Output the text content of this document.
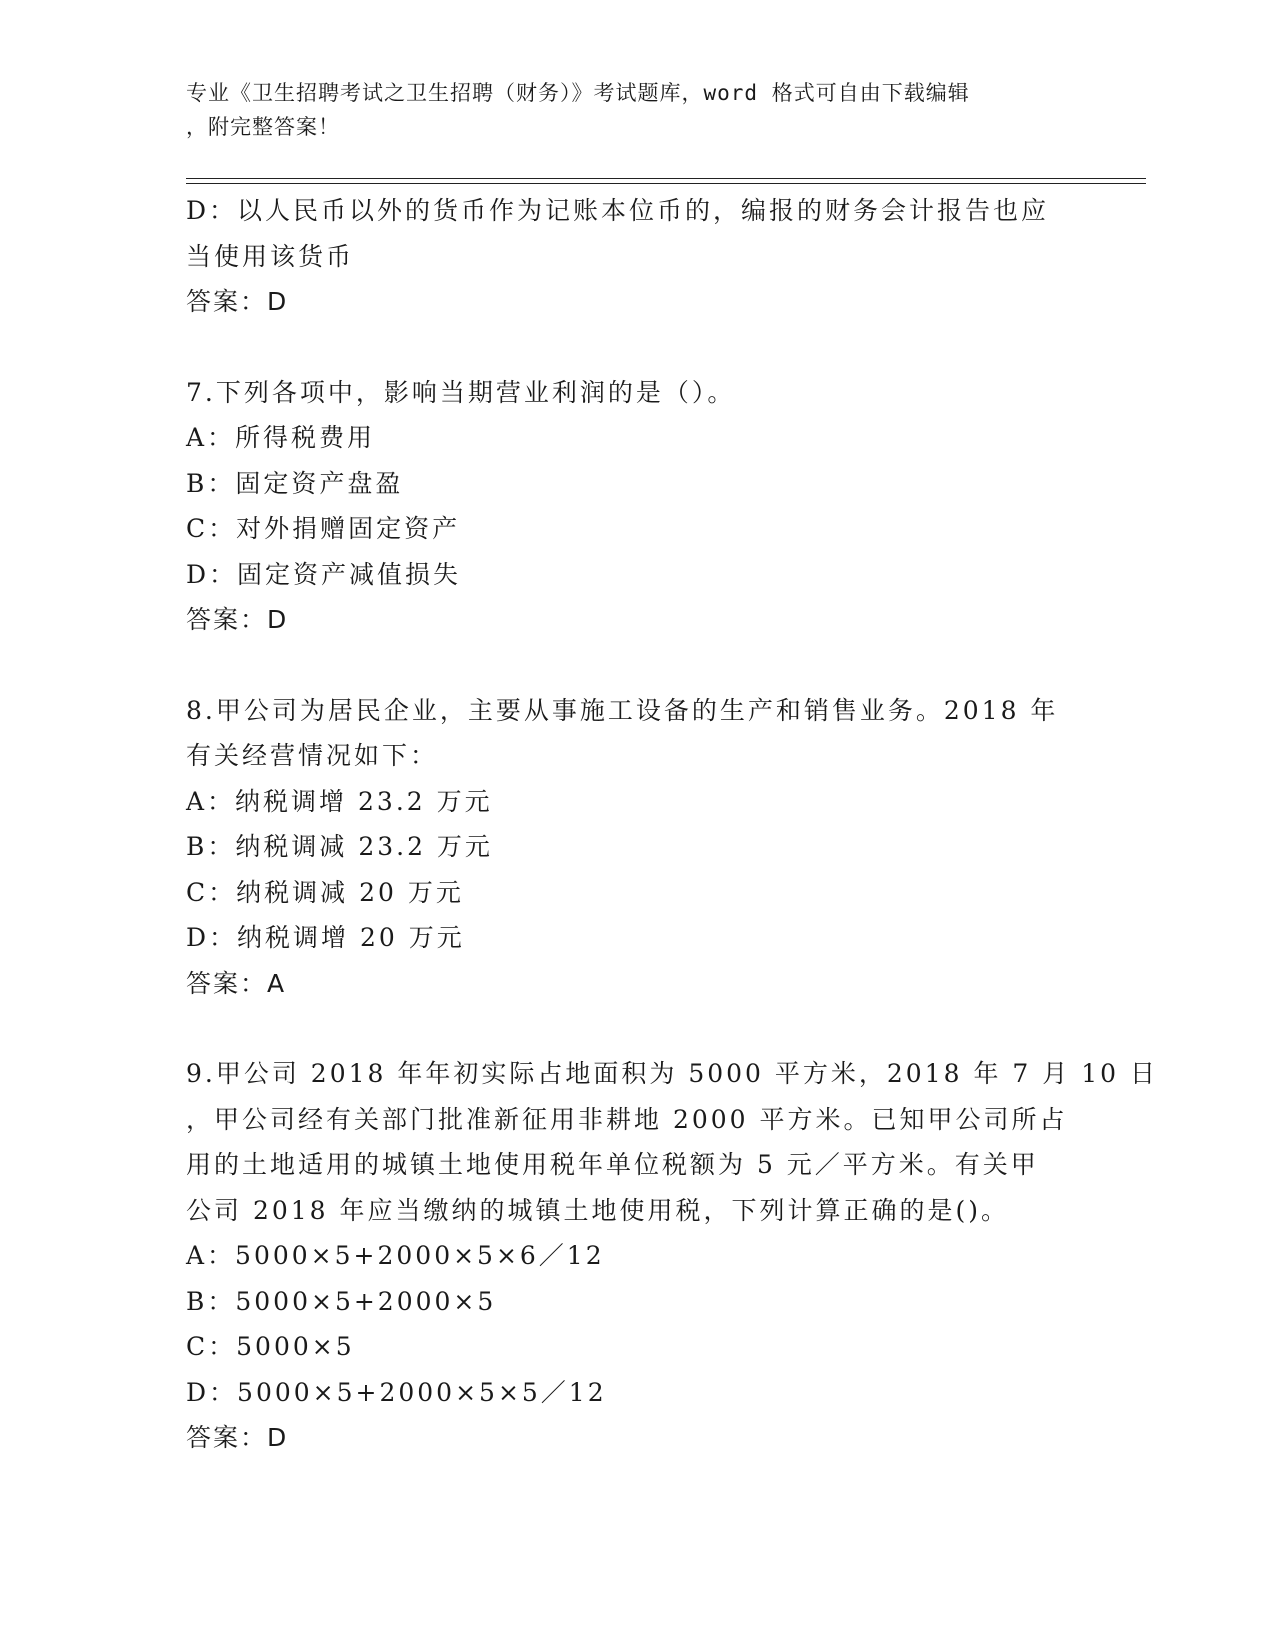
专业《卫生招聘考试之卫生招聘（财务）》考试题库，word 格式可自由下载编辑
，附完整答案！
D：以人民币以外的货币作为记账本位币的，编报的财务会计报告也应
当使用该货币
答案：D
7.下列各项中，影响当期营业利润的是（）。
A：所得税费用
B：固定资产盘盈
C：对外捐赠固定资产
D：固定资产减值损失
答案：D
8.甲公司为居民企业，主要从事施工设备的生产和销售业务。2018 年
有关经营情况如下：
A：纳税调增 23.2 万元
B：纳税调减 23.2 万元
C：纳税调减 20 万元
D：纳税调增 20 万元
答案：A
9.甲公司 2018 年年初实际占地面积为 5000 平方米，2018 年 7 月 10 日
，甲公司经有关部门批准新征用非耕地 2000 平方米。已知甲公司所占
用的土地适用的城镇土地使用税年单位税额为 5 元／平方米。有关甲
公司 2018 年应当缴纳的城镇土地使用税，下列计算正确的是()。
A：5000×5+2000×5×6／12
B：5000×5+2000×5
C：5000×5
D：5000×5+2000×5×5／12
答案：D
